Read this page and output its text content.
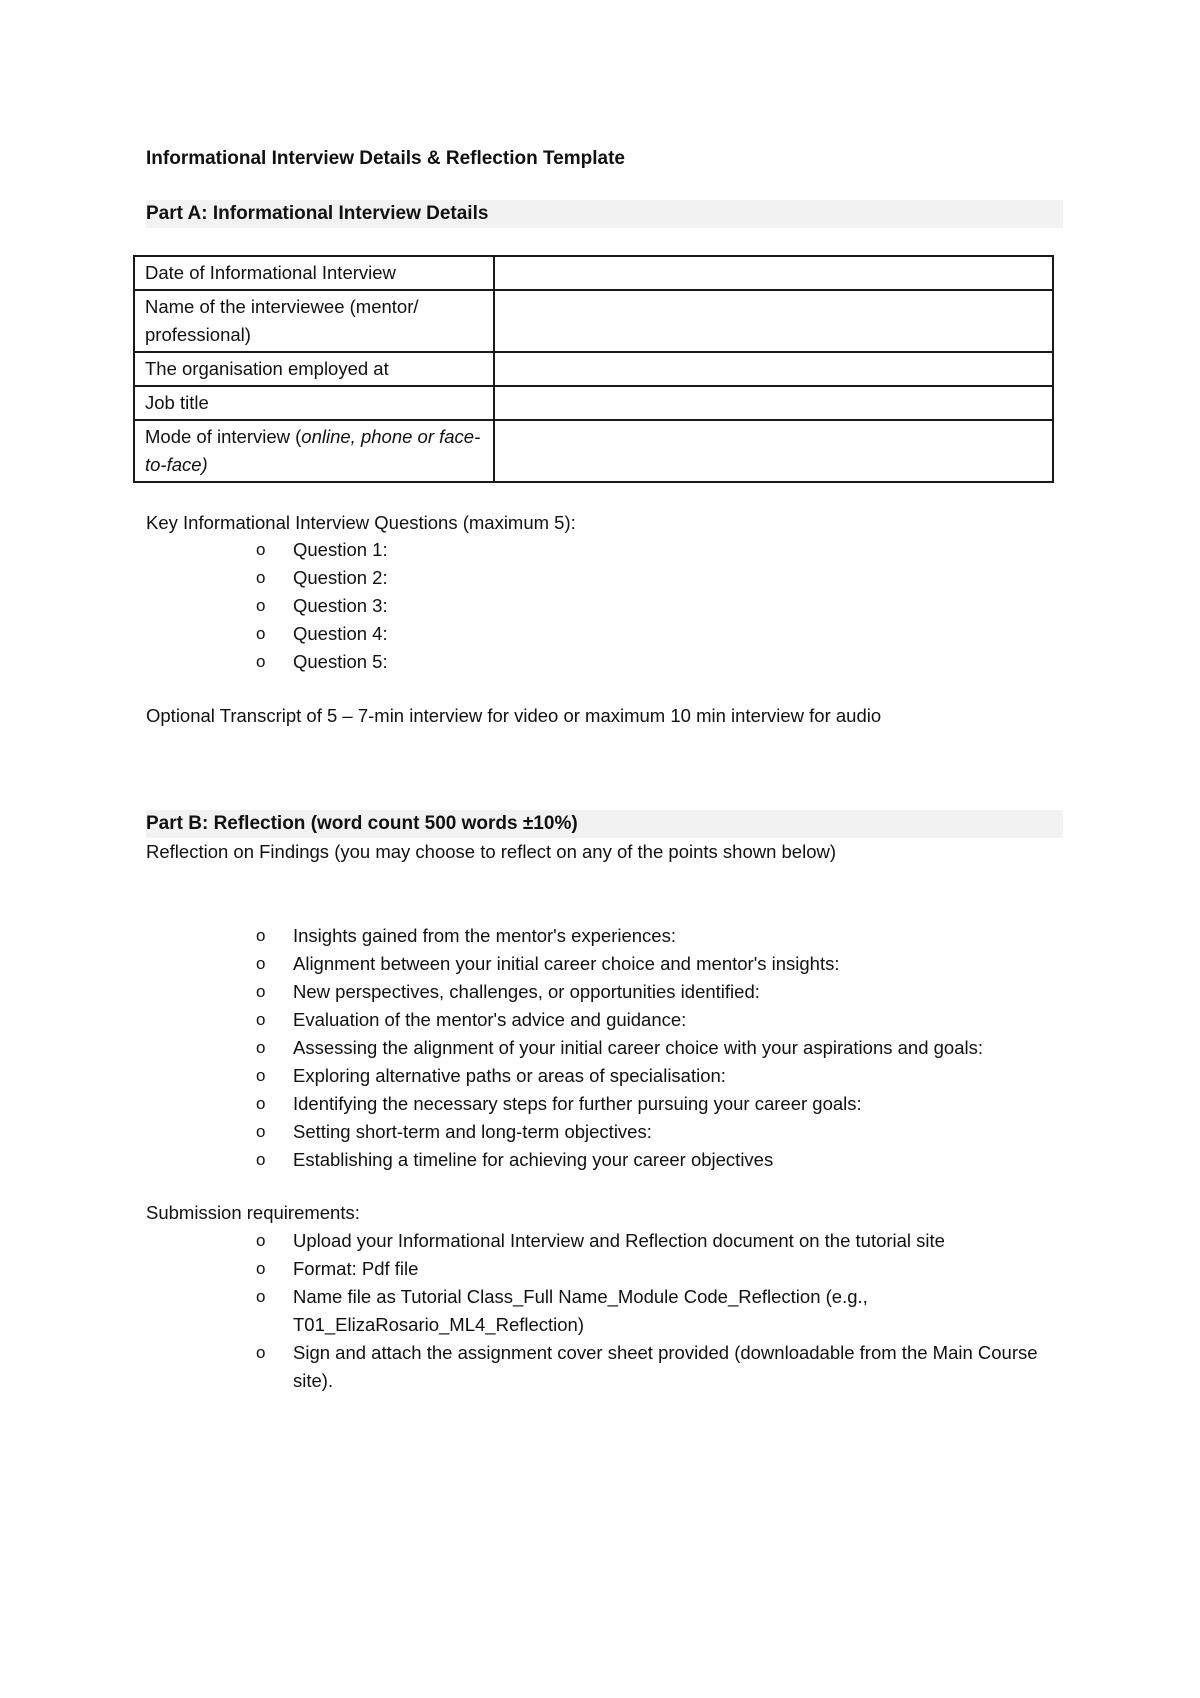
Informational Interview Details & Reflection Template
Part A: Informational Interview Details
Date of Informational Interview	
Name of the interviewee (mentor/ professional)	
The organisation employed at	
Job title	
Mode of interview (online, phone or face-to-face)	

Key Informational Interview Questions (maximum 5):

o Question 1:
o Question 2:
o Question 3:
o Question 4:
o Question 5:

Optional Transcript of 5 – 7-min interview for video or maximum 10 min interview for audio

Part B: Reflection (word count 500 words ±10%)

Reflection on Findings (you may choose to reflect on any of the points shown below)

o Insights gained from the mentor's experiences:
o Alignment between your initial career choice and mentor's insights:
o New perspectives, challenges, or opportunities identified:
o Evaluation of the mentor's advice and guidance:
o Assessing the alignment of your initial career choice with your aspirations and goals:
o Exploring alternative paths or areas of specialisation:
o Identifying the necessary steps for further pursuing your career goals:
o Setting short-term and long-term objectives:
o Establishing a timeline for achieving your career objectives

Submission requirements:

o Upload your Informational Interview and Reflection document on the tutorial site
o Format: Pdf file
o Name file as Tutorial Class_Full Name_Module Code_Reflection (e.g., T01_ElizaRosario_ML4_Reflection)
o Sign and attach the assignment cover sheet provided (downloadable from the Main Course site).
